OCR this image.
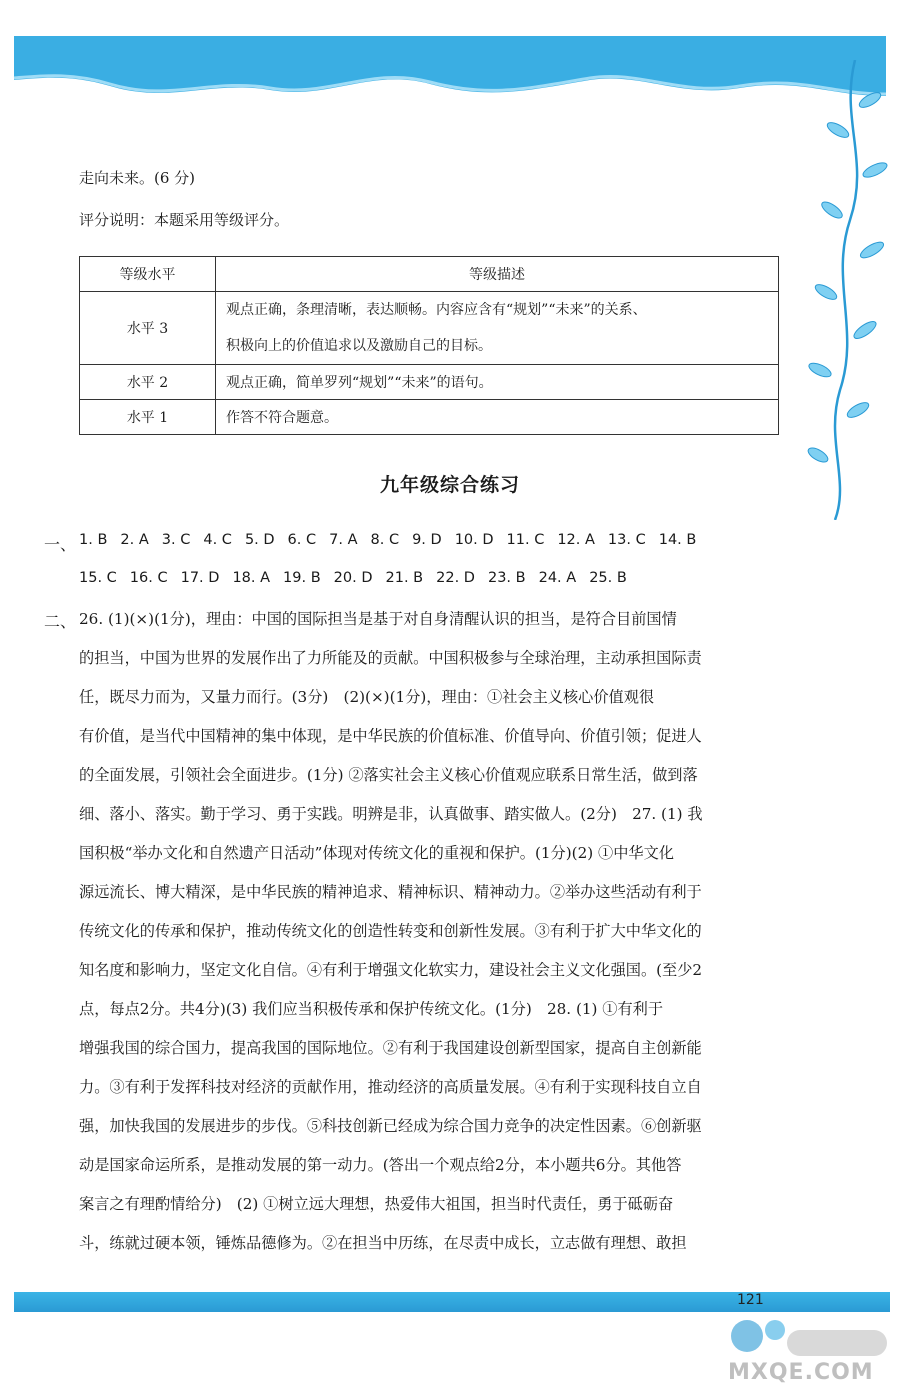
走向未来。(6 分)
评分说明：本题采用等级评分。
等级水平	等级描述
水平 3	观点正确，条理清晰，表达顺畅。内容应含有“规划”“未来”的关系、
积极向上的价值追求以及激励自己的目标。

水平 2	观点正确，简单罗列“规划”“未来”的语句。
水平 1	作答不符合题意。
九年级综合练习
一、 1. B 2. A 3. C 4. C 5. D 6. C 7. A 8. C 9. D 10. D 11. C 12. A 13. C 14. B
15. C 16. C 17. D 18. A 19. B 20. D 21. B 22. D 23. B 24. A 25. B
二、 26. (1)(×)(1分)，理由：中国的国际担当是基于对自身清醒认识的担当，是符合目前国情
的担当，中国为世界的发展作出了力所能及的贡献。中国积极参与全球治理，主动承担国际责
任，既尽力而为，又量力而行。(3分)　(2)(×)(1分)，理由：①社会主义核心价值观很
有价值，是当代中国精神的集中体现，是中华民族的价值标准、价值导向、价值引领；促进人
的全面发展，引领社会全面进步。(1分) ②落实社会主义核心价值观应联系日常生活，做到落
细、落小、落实。勤于学习、勇于实践。明辨是非，认真做事、踏实做人。(2分)　27. (1) 我
国积极“举办文化和自然遗产日活动”体现对传统文化的重视和保护。(1分)(2) ①中华文化
源远流长、博大精深，是中华民族的精神追求、精神标识、精神动力。②举办这些活动有利于
传统文化的传承和保护，推动传统文化的创造性转变和创新性发展。③有利于扩大中华文化的
知名度和影响力，坚定文化自信。④有利于增强文化软实力，建设社会主义文化强国。(至少2
点，每点2分。共4分)(3) 我们应当积极传承和保护传统文化。(1分)　28. (1) ①有利于
增强我国的综合国力，提高我国的国际地位。②有利于我国建设创新型国家，提高自主创新能
力。③有利于发挥科技对经济的贡献作用，推动经济的高质量发展。④有利于实现科技自立自
强，加快我国的发展进步的步伐。⑤科技创新已经成为综合国力竞争的决定性因素。⑥创新驱
动是国家命运所系，是推动发展的第一动力。(答出一个观点给2分，本小题共6分。其他答
案言之有理酌情给分)　(2) ①树立远大理想，热爱伟大祖国，担当时代责任，勇于砥砺奋
斗，练就过硬本领，锤炼品德修为。②在担当中历练，在尽责中成长，立志做有理想、敢担
121
MXQE.COM
